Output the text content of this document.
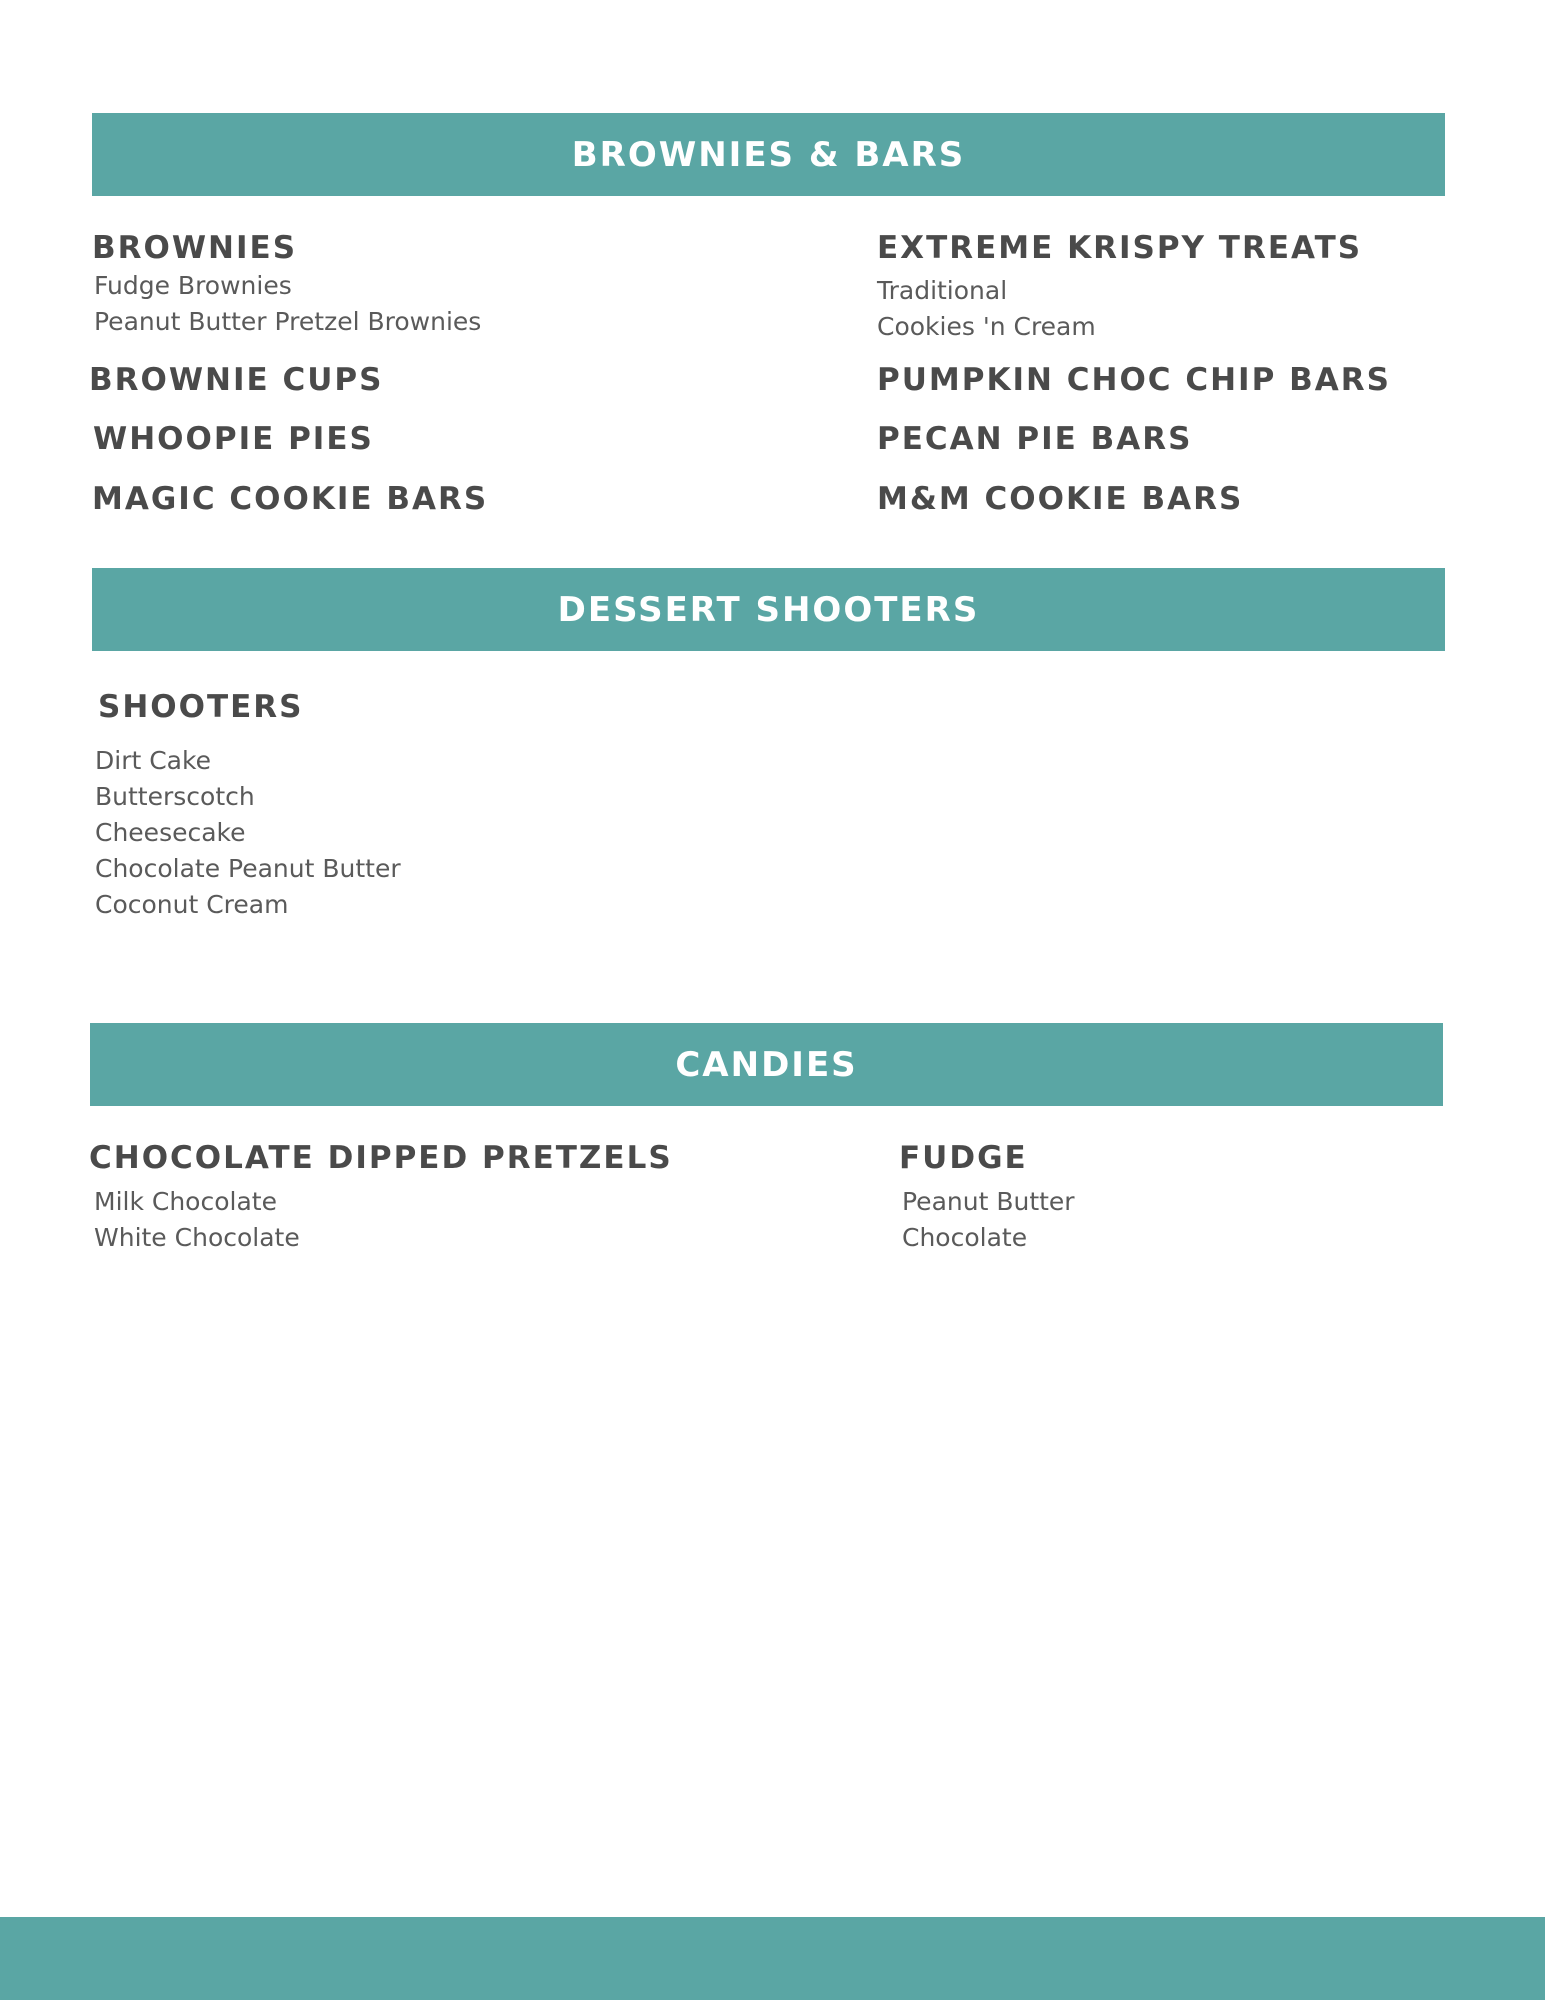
BROWNIES & BARS
BROWNIES
Fudge Brownies
Peanut Butter Pretzel Brownies
BROWNIE CUPS
WHOOPIE PIES
MAGIC COOKIE BARS
EXTREME KRISPY TREATS
Traditional
Cookies 'n Cream
PUMPKIN CHOC CHIP BARS
PECAN PIE BARS
M&M COOKIE BARS
DESSERT SHOOTERS
SHOOTERS
Dirt Cake
Butterscotch
Cheesecake
Chocolate Peanut Butter
Coconut Cream
CANDIES
CHOCOLATE DIPPED PRETZELS
Milk Chocolate
White Chocolate
FUDGE
Peanut Butter
Chocolate
